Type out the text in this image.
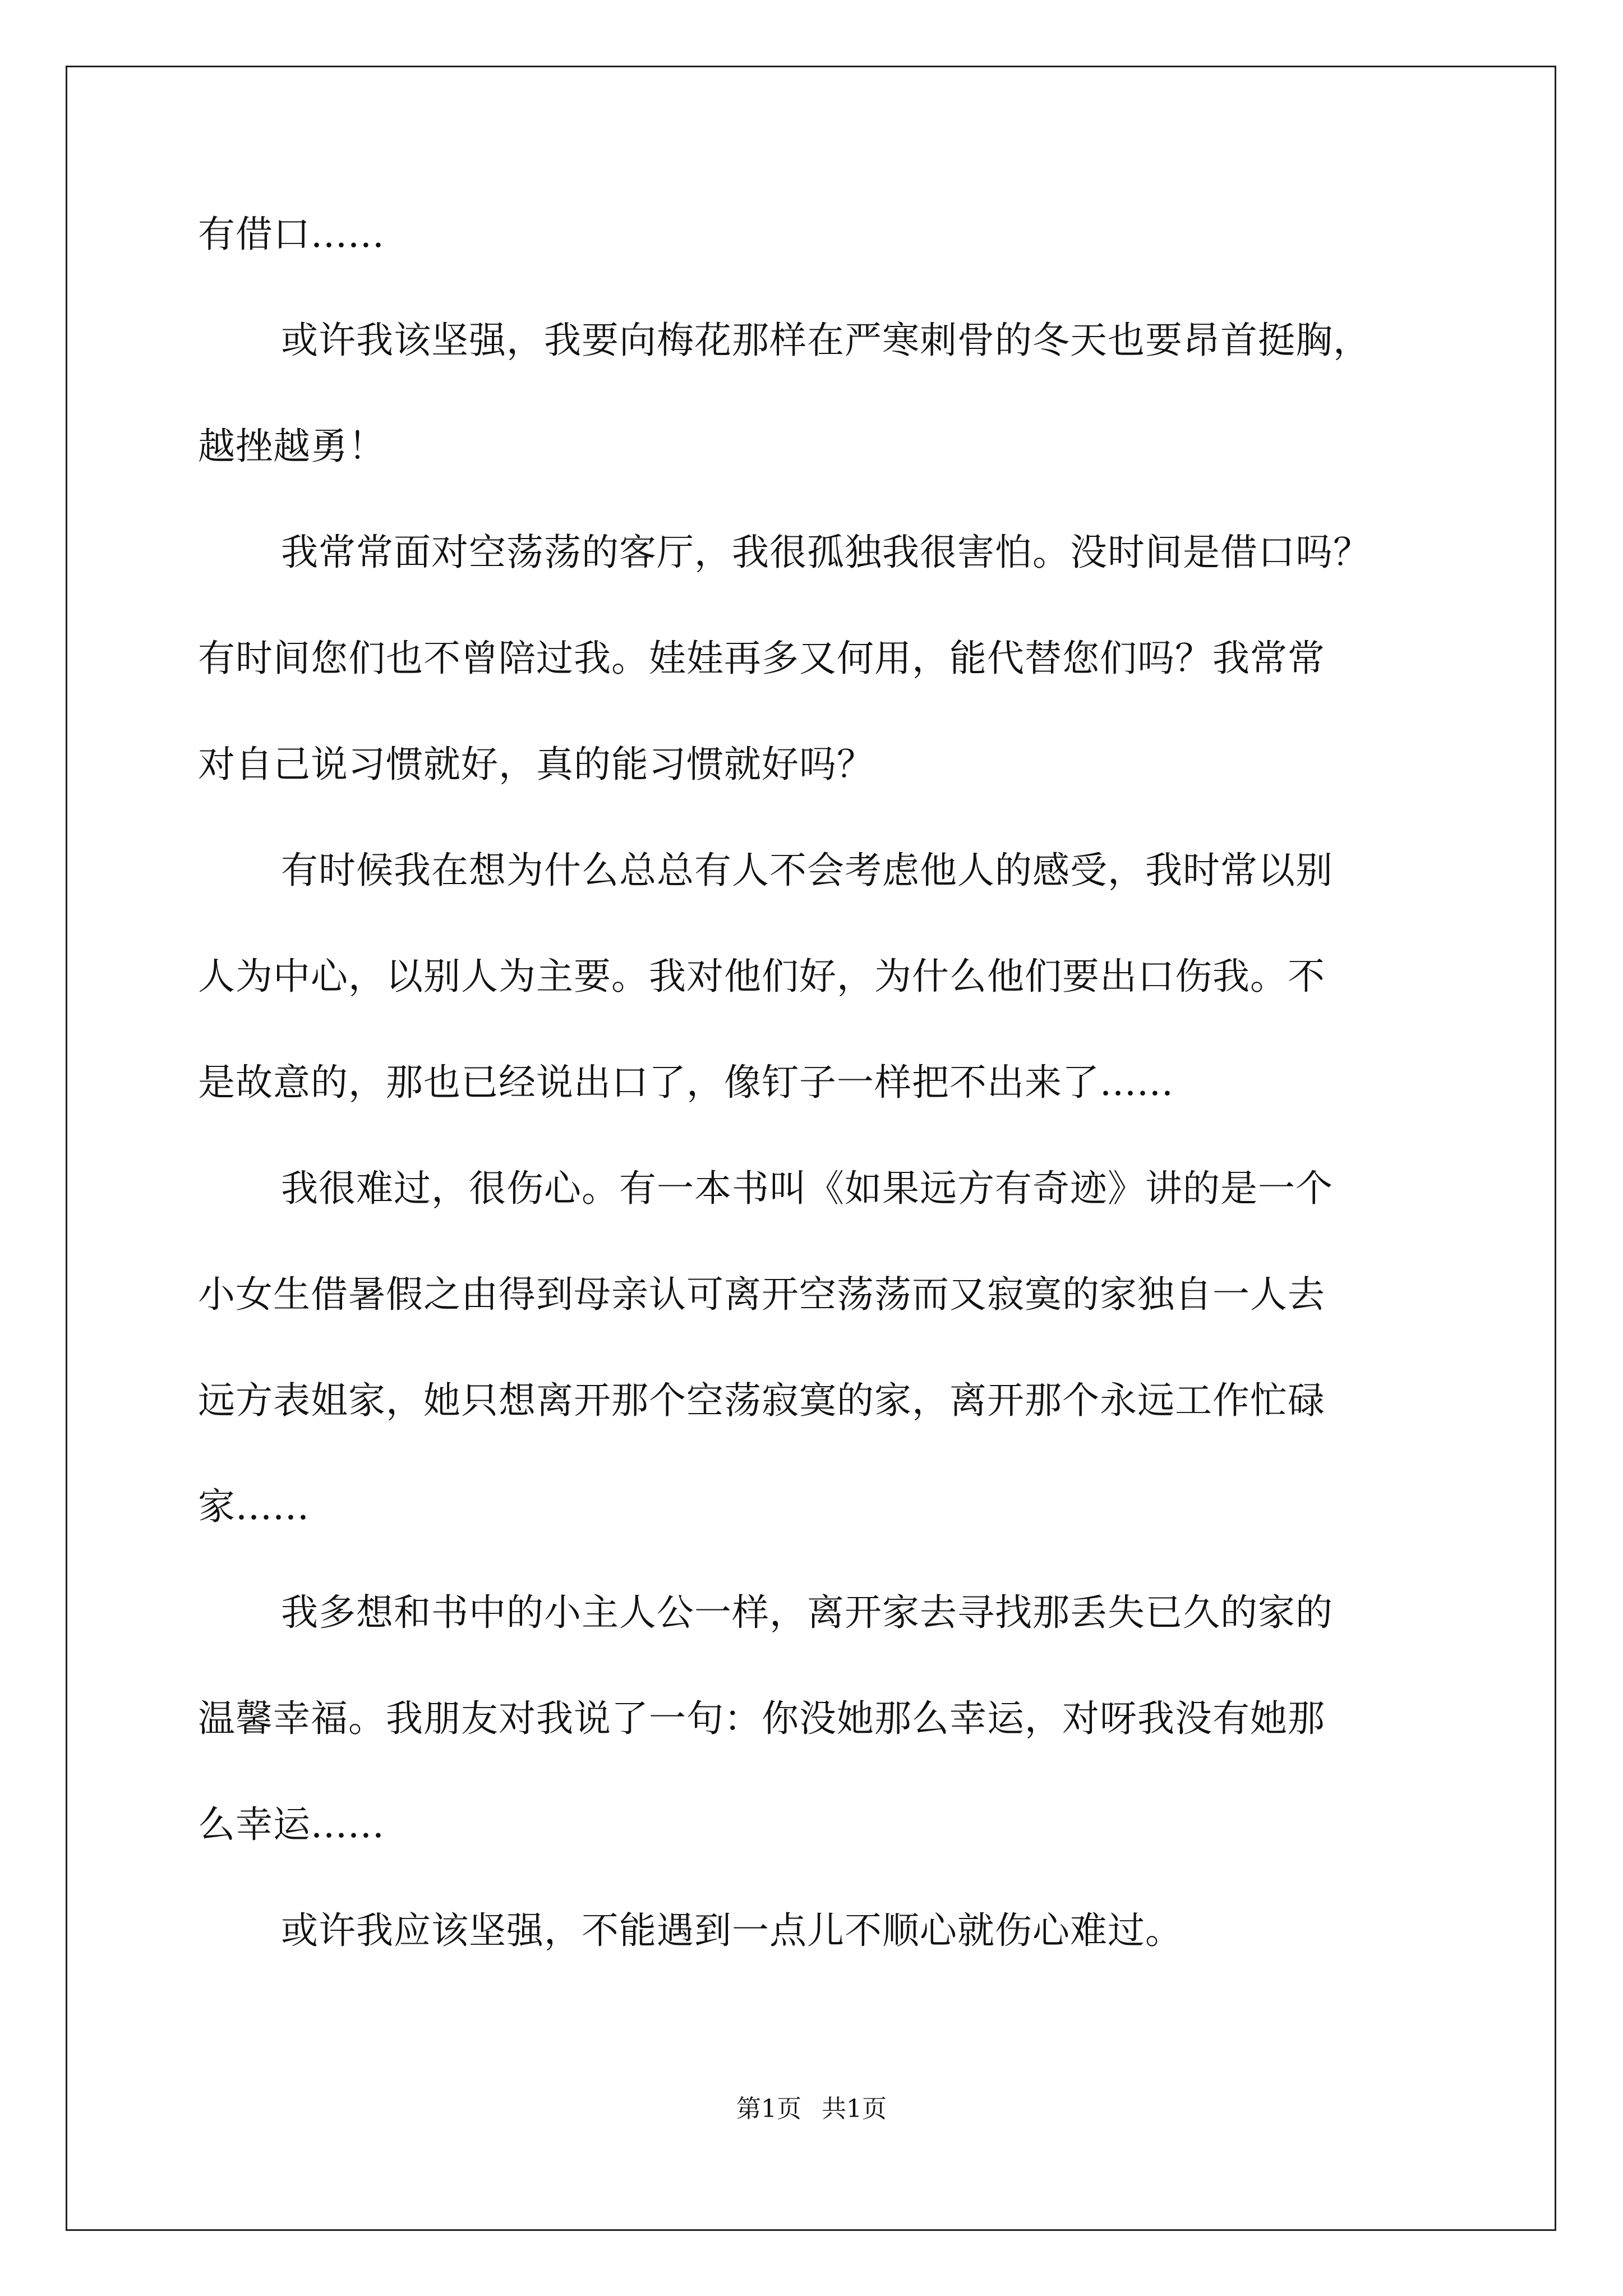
有借口......
或许我该坚强，我要向梅花那样在严寒刺骨的冬天也要昂首挺胸，
越挫越勇！
我常常面对空荡荡的客厅，我很孤独我很害怕。没时间是借口吗？
有时间您们也不曾陪过我。娃娃再多又何用，能代替您们吗？我常常
对自己说习惯就好，真的能习惯就好吗？
有时候我在想为什么总总有人不会考虑他人的感受，我时常以别
人为中心，以别人为主要。我对他们好，为什么他们要出口伤我。不
是故意的，那也已经说出口了，像钉子一样把不出来了......
我很难过，很伤心。有一本书叫《如果远方有奇迹》讲的是一个
小女生借暑假之由得到母亲认可离开空荡荡而又寂寞的家独自一人去
远方表姐家，她只想离开那个空荡寂寞的家，离开那个永远工作忙碌
家......
我多想和书中的小主人公一样，离开家去寻找那丢失已久的家的
温馨幸福。我朋友对我说了一句：你没她那么幸运，对呀我没有她那
么幸运......
或许我应该坚强，不能遇到一点儿不顺心就伤心难过。
第1页 共1页
